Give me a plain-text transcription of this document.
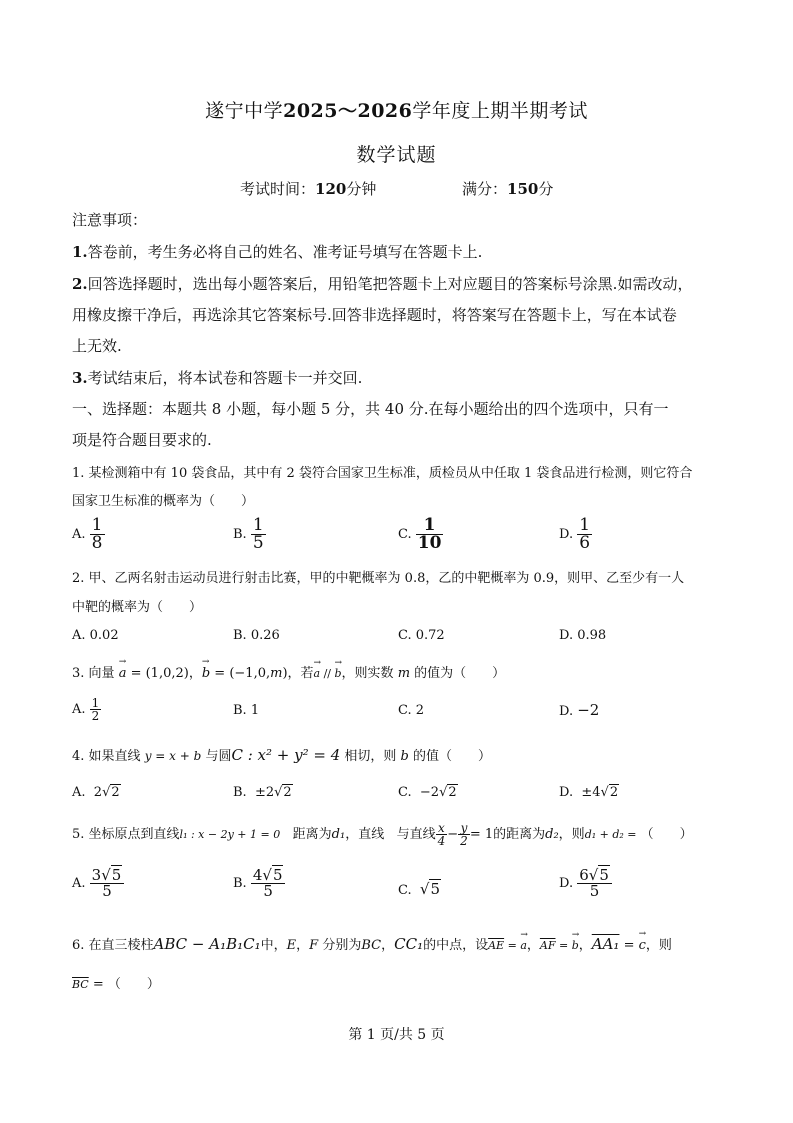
遂宁中学2025～2026学年度上期半期考试
数学试题
考试时间：120分钟	满分：150分
注意事项：
1.答卷前，考生务必将自己的姓名、准考证号填写在答题卡上.
2.回答选择题时，选出每小题答案后，用铅笔把答题卡上对应题目的答案标号涂黑.如需改动，
用橡皮擦干净后，再选涂其它答案标号.回答非选择题时，将答案写在答题卡上，写在本试卷
上无效.
3.考试结束后，将本试卷和答题卡一并交回.
一、选择题：本题共 8 小题，每小题 5 分，共 40 分.在每小题给出的四个选项中，只有一
项是符合题目要求的.
1. 某检测箱中有 10 袋食品，其中有 2 袋符合国家卫生标准，质检员从中任取 1 袋食品进行检测，则它符合
国家卫生标准的概率为（　　）
A. $\frac{1}{8}$	B. $\frac{1}{5}$	C. $\frac{1}{10}$	D. $\frac{1}{6}$
2. 甲、乙两名射击运动员进行射击比赛，甲的中靶概率为 0.8，乙的中靶概率为 0.9，则甲、乙至少有一人
中靶的概率为（　　）
A. 0.02	B. 0.26	C. 0.72	D. 0.98
3. 向量 → a = (1,0,2)，→ b = (−1,0,m)，若→ a // → b，则实数 m 的值为（　　）
A. $\frac{1}{2}$	B. 1	C. 2	D. −2
4. 如果直线 y = x + b 与圆C : x² + y² = 4 相切，则 b 的值（　　）
A. 2√2	B. ±2√2	C. −2√2	D. ±4√2
5. 坐标原点到直线l₁ : x − 2y + 1 = 0 距离为d₁，直线 与直线 $\frac{x}{4} - \frac{y}{2} = 1$的距离为d₂，则d₁ + d₂ = （　　）
A. $\frac{3√5}{5}$	B. $\frac{4√5}{5}$	C. √5	D. $\frac{6√5}{5}$
6. 在直三棱柱ABC − A₁B₁C₁中，E，F 分别为BC，CC₁的中点，设$\overline{AE}$ = → a，$\overline{AF}$ = → b，AA₁ = → c，则
$\overline{BC}$ = （　　）
第 1 页/共 5 页
